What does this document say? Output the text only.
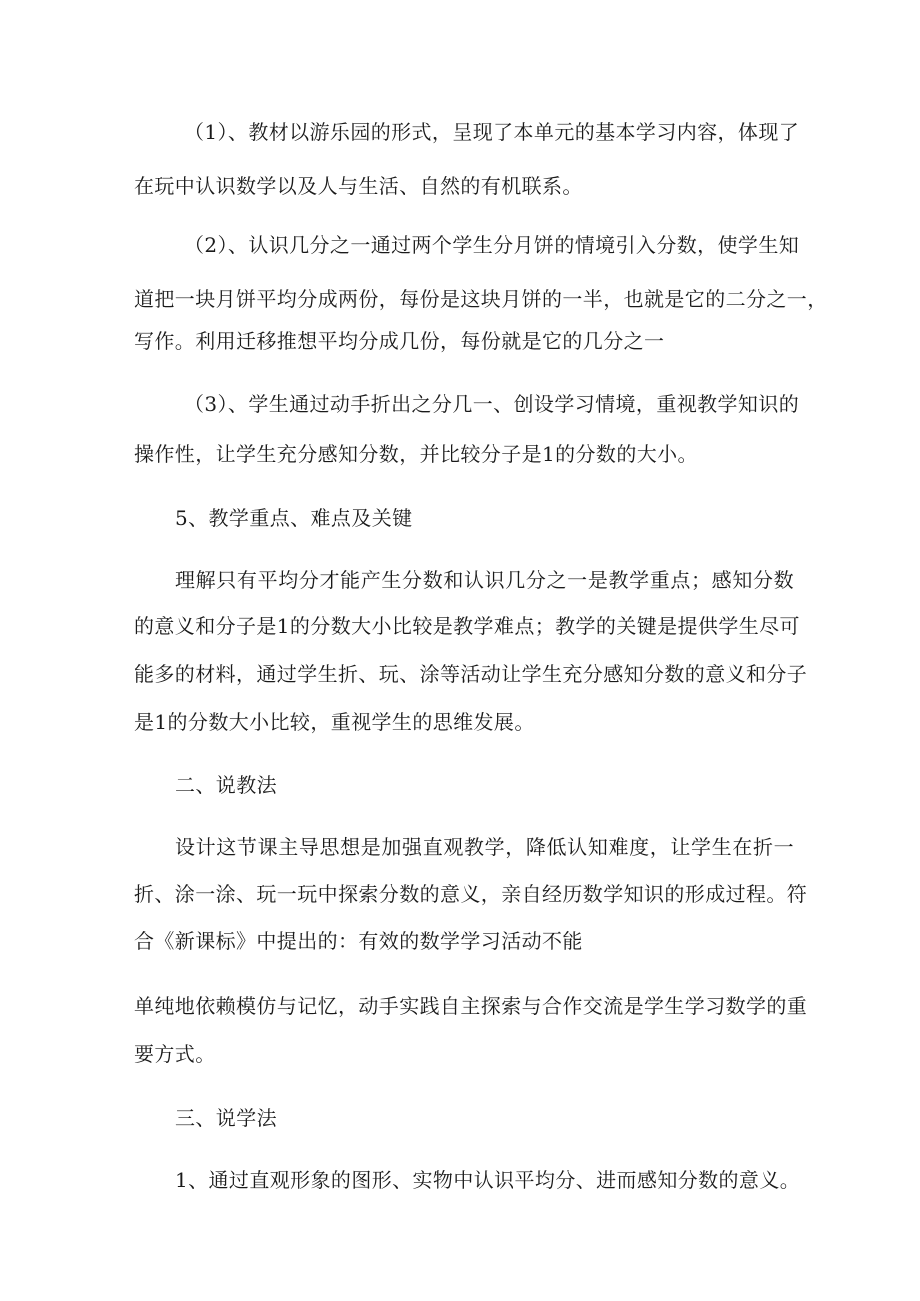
（1）、教材以游乐园的形式，呈现了本单元的基本学习内容，体现了
在玩中认识数学以及人与生活、自然的有机联系。
（2）、认识几分之一通过两个学生分月饼的情境引入分数，使学生知
道把一块月饼平均分成两份，每份是这块月饼的一半，也就是它的二分之一，
写作。利用迁移推想平均分成几份，每份就是它的几分之一
（3）、学生通过动手折出之分几一、创设学习情境，重视教学知识的
操作性，让学生充分感知分数，并比较分子是1的分数的大小。
5、教学重点、难点及关键
理解只有平均分才能产生分数和认识几分之一是教学重点；感知分数
的意义和分子是1的分数大小比较是教学难点；教学的关键是提供学生尽可
能多的材料，通过学生折、玩、涂等活动让学生充分感知分数的意义和分子
是1的分数大小比较，重视学生的思维发展。
二、说教法
设计这节课主导思想是加强直观教学，降低认知难度，让学生在折一
折、涂一涂、玩一玩中探索分数的意义，亲自经历数学知识的形成过程。符
合《新课标》中提出的：有效的数学学习活动不能
单纯地依赖模仿与记忆，动手实践自主探索与合作交流是学生学习数学的重
要方式。
三、说学法
1、通过直观形象的图形、实物中认识平均分、进而感知分数的意义。
